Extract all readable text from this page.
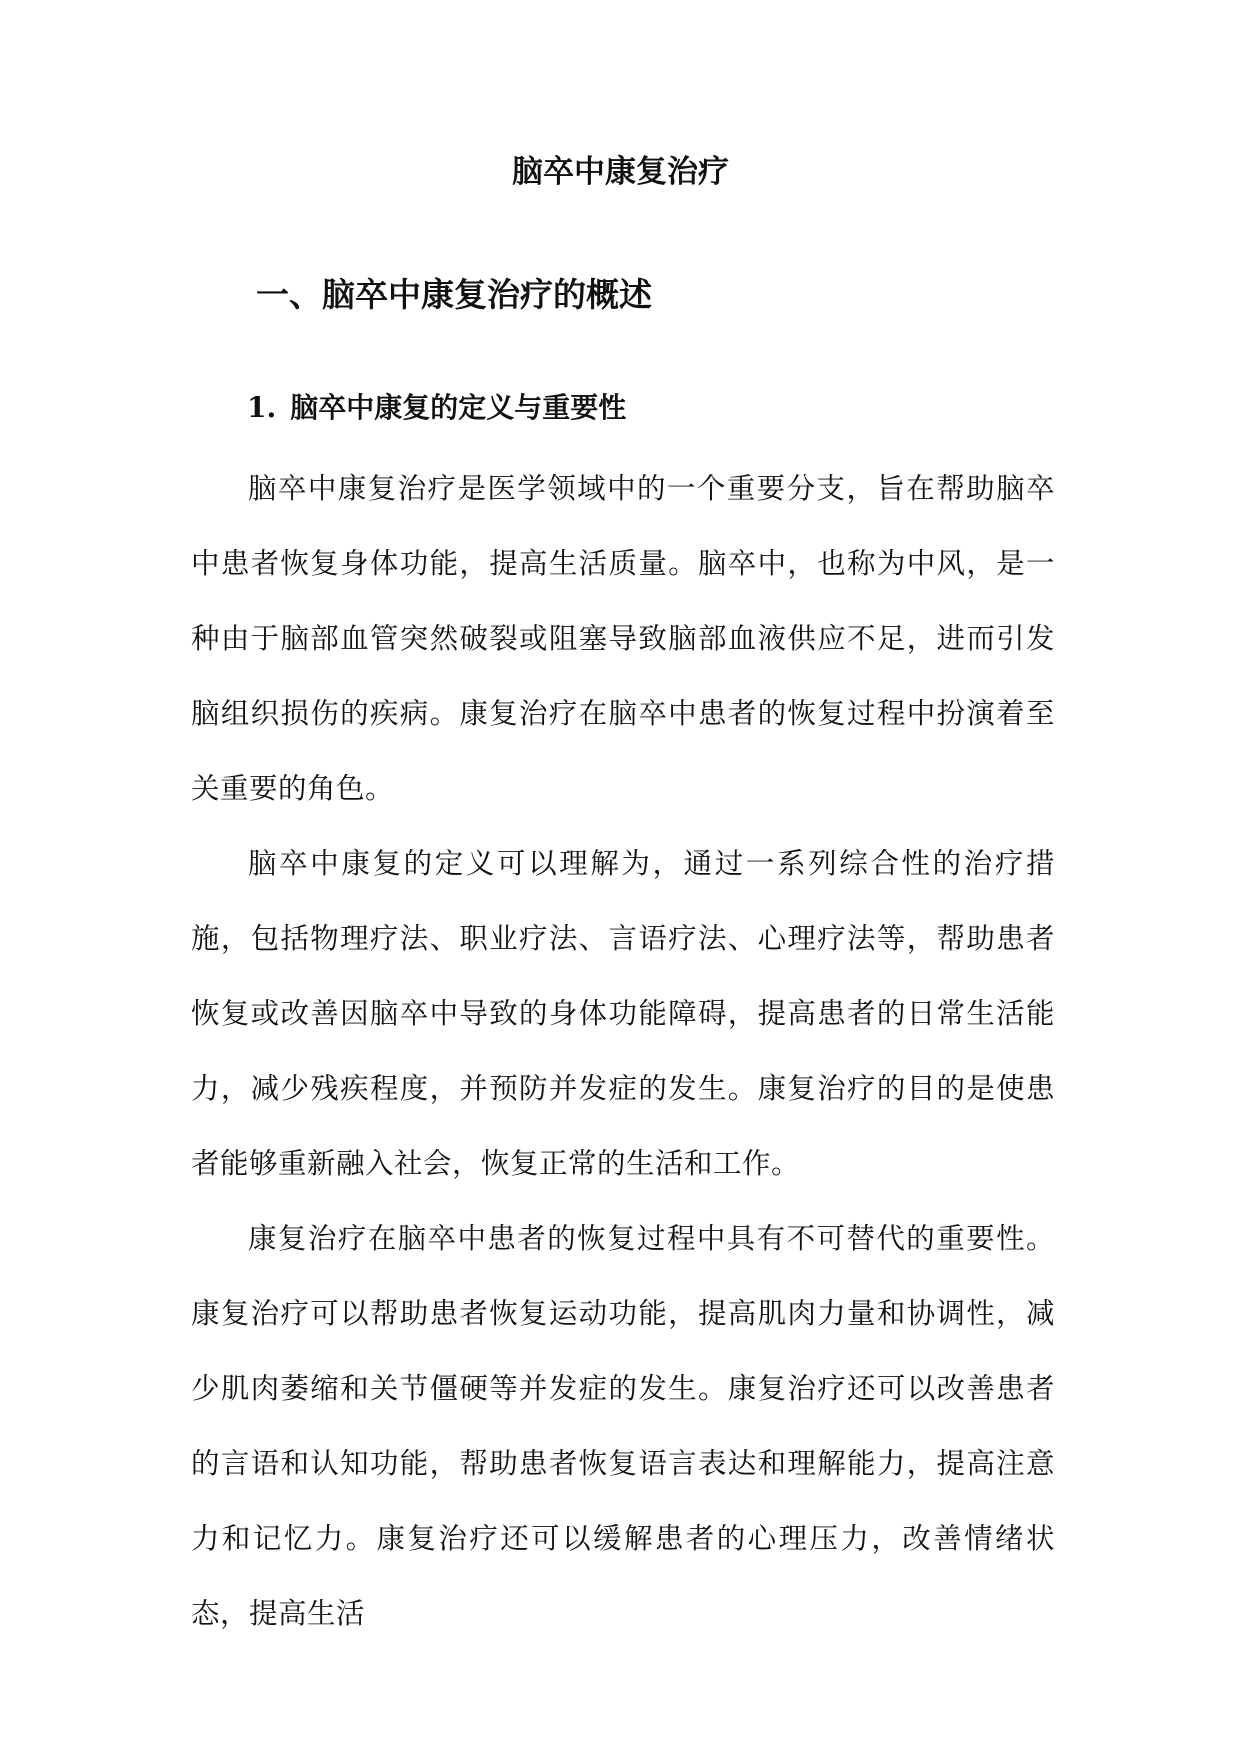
脑卒中康复治疗
一、脑卒中康复治疗的概述
1. 脑卒中康复的定义与重要性

脑卒中康复治疗是医学领域中的一个重要分支，旨在帮助脑卒中患者恢复身体功能，提高生活质量。脑卒中，也称为中风，是一种由于脑部血管突然破裂或阻塞导致脑部血液供应不足，进而引发脑组织损伤的疾病。康复治疗在脑卒中患者的恢复过程中扮演着至关重要的角色。

脑卒中康复的定义可以理解为，通过一系列综合性的治疗措施，包括物理疗法、职业疗法、言语疗法、心理疗法等，帮助患者恢复或改善因脑卒中导致的身体功能障碍，提高患者的日常生活能力，减少残疾程度，并预防并发症的发生。康复治疗的目的是使患者能够重新融入社会，恢复正常的生活和工作。

康复治疗在脑卒中患者的恢复过程中具有不可替代的重要性。康复治疗可以帮助患者恢复运动功能，提高肌肉力量和协调性，减少肌肉萎缩和关节僵硬等并发症的发生。康复治疗还可以改善患者的言语和认知功能，帮助患者恢复语言表达和理解能力，提高注意力和记忆力。康复治疗还可以缓解患者的心理压力，改善情绪状态，提高生活
